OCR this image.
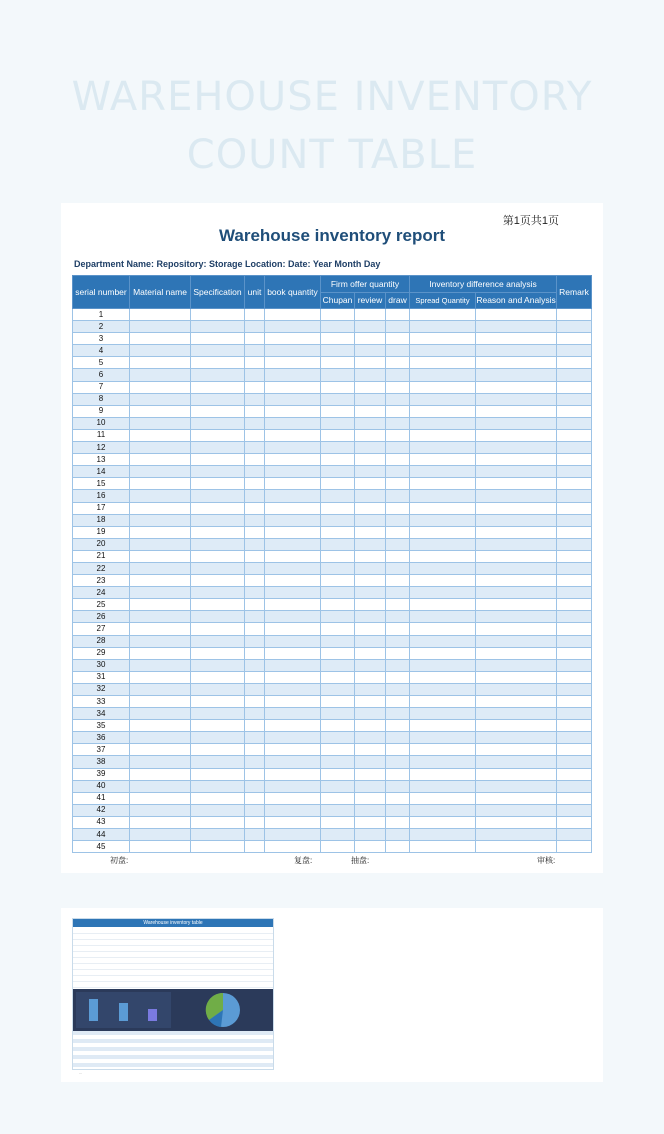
WAREHOUSE INVENTORY
COUNT TABLE
第1页共1页
Warehouse inventory report
Department Name: Repository: Storage Location: Date: Year Month Day
serial number	Material name	Specification	unit	book quantity	Firm offer quantity			Inventory difference analysis		Remark
					Chupan	review	draw	Spread Quantity	Reason and Analysis	
1										
2										
3										
4										
5										
6										
7										
8										
9										
10										
11										
12										
13										
14										
15										
16										
17										
18										
19										
20										
21										
22										
23										
24										
25										
26										
27										
28										
29										
30										
31										
32										
33										
34										
35										
36										
37										
38										
39										
40										
41										
42										
43										
44										
45										
初盘:	复盘:	抽盘:	审核:
Warehouse inventory table
...
